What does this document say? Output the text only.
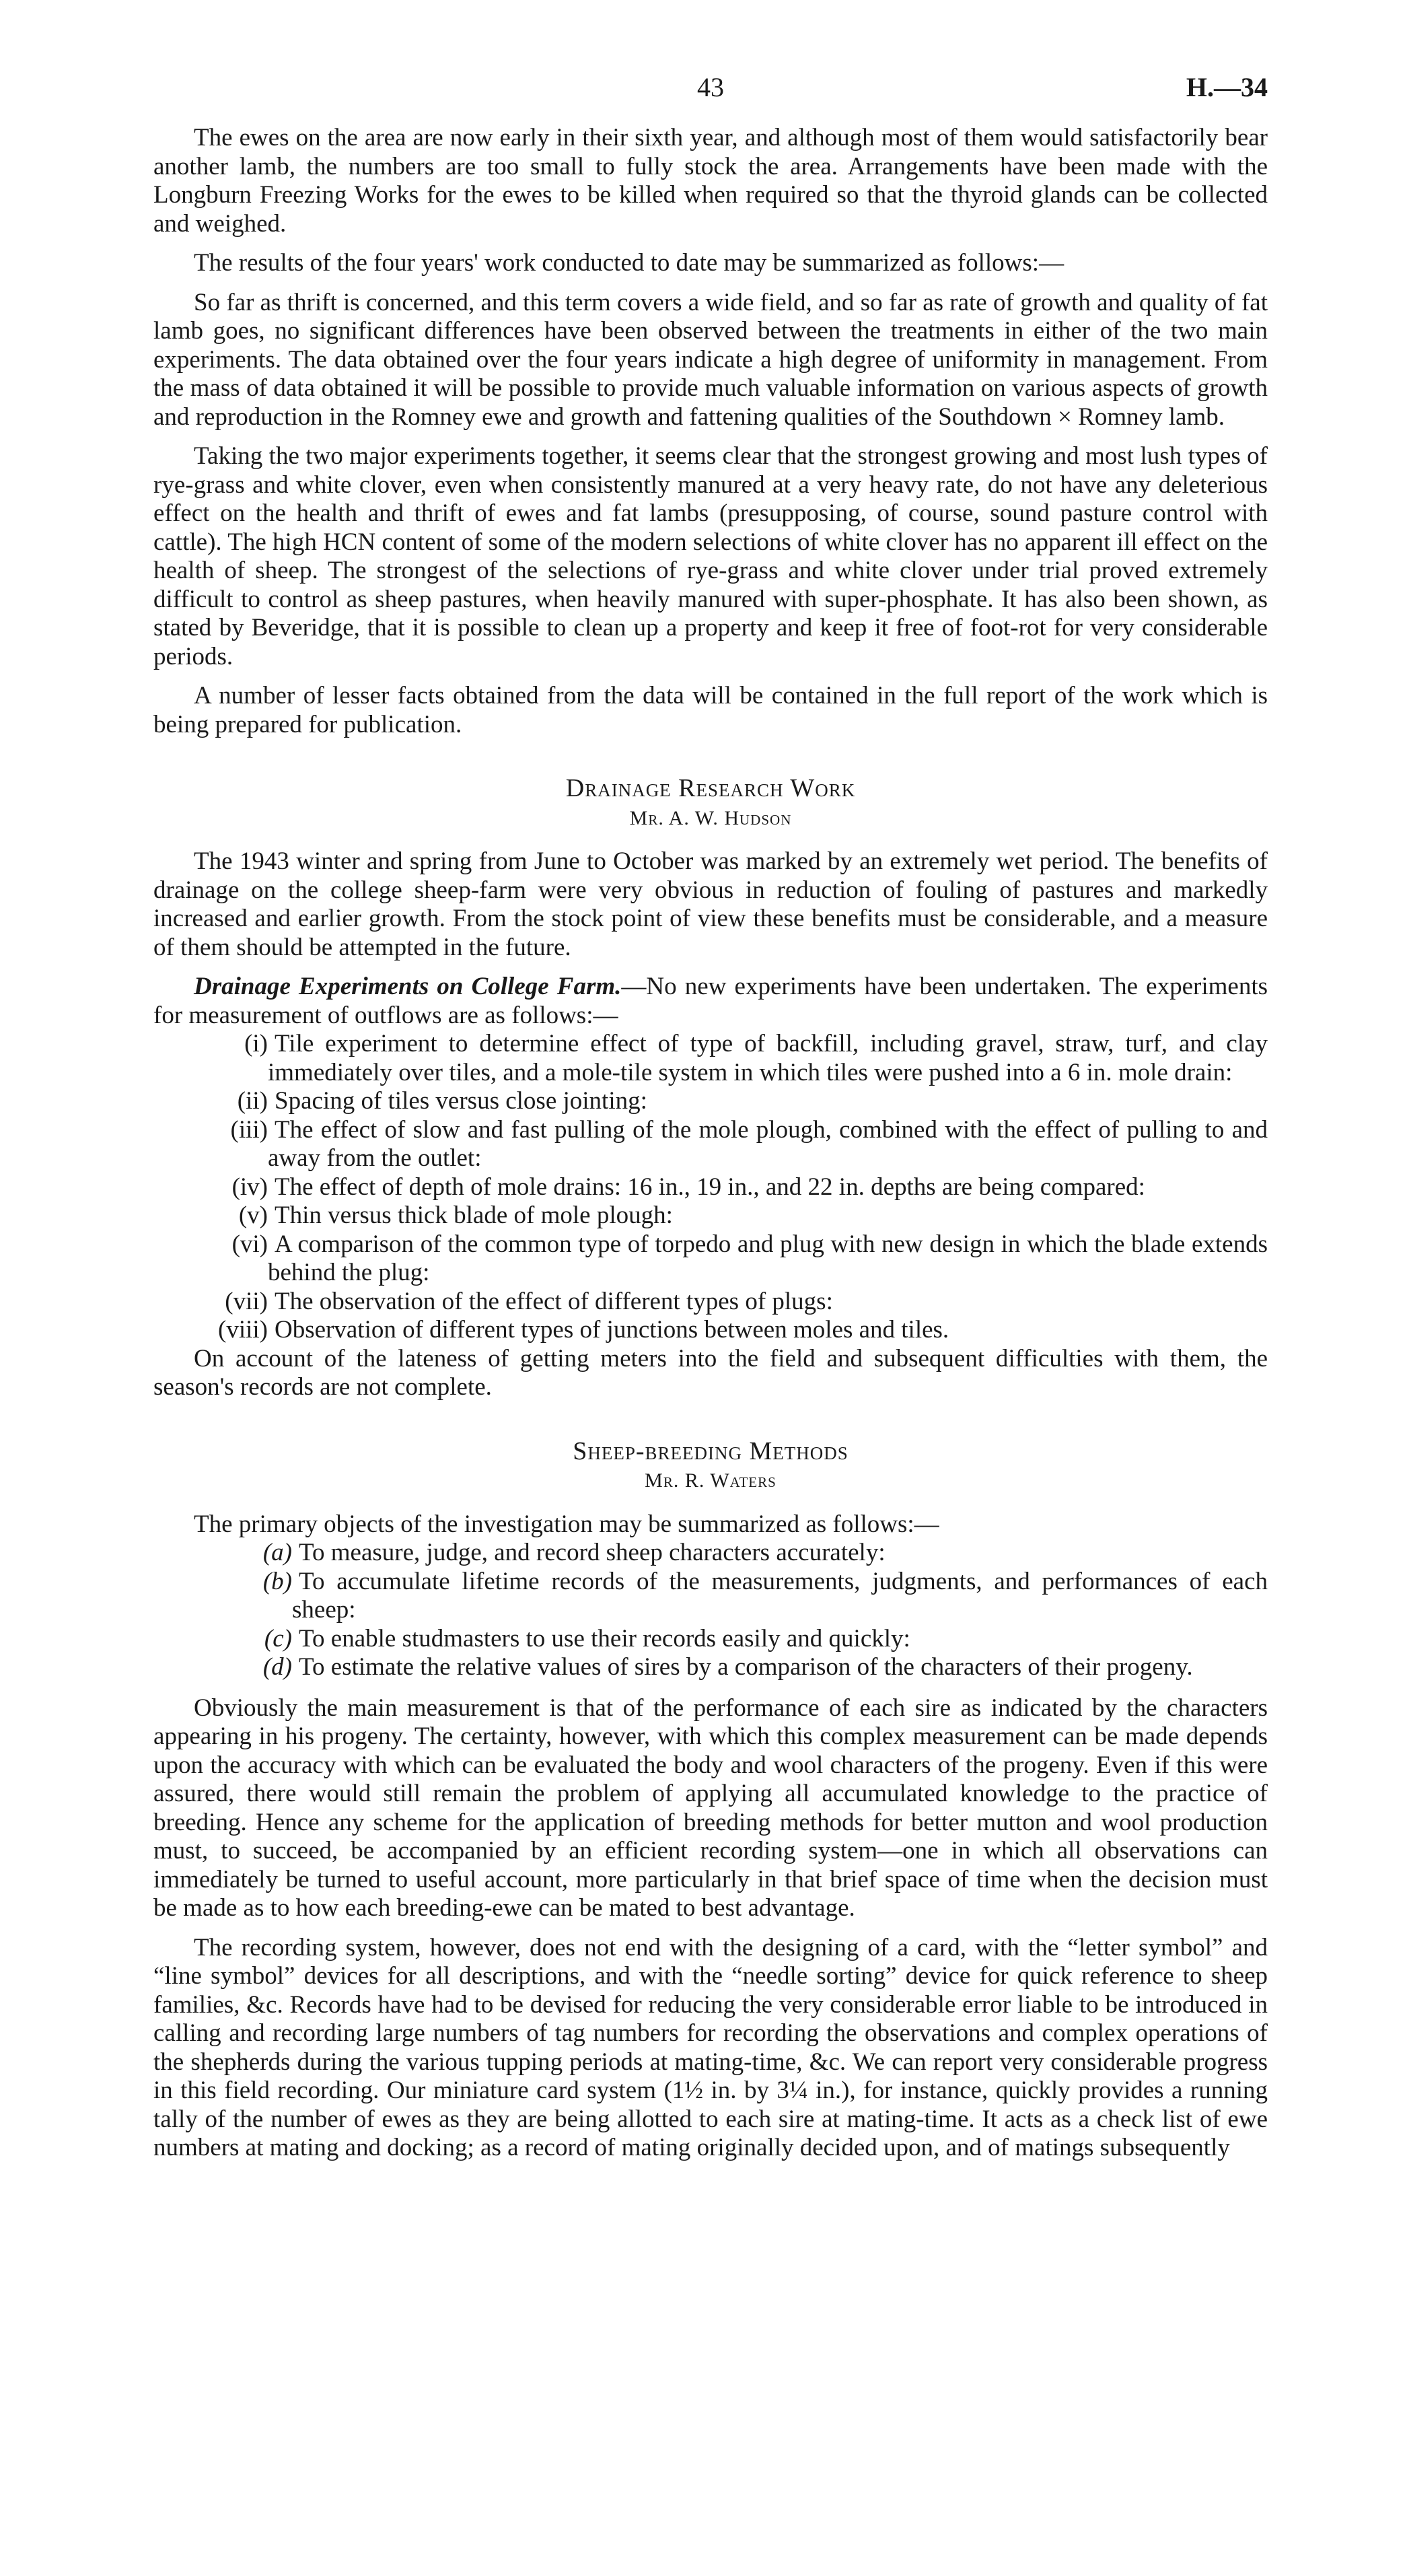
43	H.—34

The ewes on the area are now early in their sixth year, and although most of them would satisfactorily bear another lamb, the numbers are too small to fully stock the area. Arrangements have been made with the Longburn Freezing Works for the ewes to be killed when required so that the thyroid glands can be collected and weighed.

The results of the four years' work conducted to date may be summarized as follows:—

So far as thrift is concerned, and this term covers a wide field, and so far as rate of growth and quality of fat lamb goes, no significant differences have been observed between the treatments in either of the two main experiments. The data obtained over the four years indicate a high degree of uniformity in management. From the mass of data obtained it will be possible to provide much valuable information on various aspects of growth and reproduction in the Romney ewe and growth and fattening qualities of the Southdown × Romney lamb.

Taking the two major experiments together, it seems clear that the strongest growing and most lush types of rye-grass and white clover, even when consistently manured at a very heavy rate, do not have any deleterious effect on the health and thrift of ewes and fat lambs (presupposing, of course, sound pasture control with cattle). The high HCN content of some of the modern selections of white clover has no apparent ill effect on the health of sheep. The strongest of the selections of rye-grass and white clover under trial proved extremely difficult to control as sheep pastures, when heavily manured with super-phosphate. It has also been shown, as stated by Beveridge, that it is possible to clean up a property and keep it free of foot-rot for very considerable periods.

A number of lesser facts obtained from the data will be contained in the full report of the work which is being prepared for publication.

Drainage Research Work
Mr. A. W. Hudson

The 1943 winter and spring from June to October was marked by an extremely wet period. The benefits of drainage on the college sheep-farm were very obvious in reduction of fouling of pastures and markedly increased and earlier growth. From the stock point of view these benefits must be considerable, and a measure of them should be attempted in the future.

Drainage Experiments on College Farm.—No new experiments have been undertaken. The experiments for measurement of outflows are as follows:—
(i) Tile experiment to determine effect of type of backfill, including gravel, straw, turf, and clay immediately over tiles, and a mole-tile system in which tiles were pushed into a 6 in. mole drain:
(ii) Spacing of tiles versus close jointing:
(iii) The effect of slow and fast pulling of the mole plough, combined with the effect of pulling to and away from the outlet:
(iv) The effect of depth of mole drains: 16 in., 19 in., and 22 in. depths are being compared:
(v) Thin versus thick blade of mole plough:
(vi) A comparison of the common type of torpedo and plug with new design in which the blade extends behind the plug:
(vii) The observation of the effect of different types of plugs:
(viii) Observation of different types of junctions between moles and tiles.

On account of the lateness of getting meters into the field and subsequent difficulties with them, the season's records are not complete.

Sheep-breeding Methods
Mr. R. Waters
The primary objects of the investigation may be summarized as follows:—
(a) To measure, judge, and record sheep characters accurately:
(b) To accumulate lifetime records of the measurements, judgments, and performances of each sheep:
(c) To enable studmasters to use their records easily and quickly:
(d) To estimate the relative values of sires by a comparison of the characters of their progeny.

Obviously the main measurement is that of the performance of each sire as indicated by the characters appearing in his progeny. The certainty, however, with which this complex measurement can be made depends upon the accuracy with which can be evaluated the body and wool characters of the progeny. Even if this were assured, there would still remain the problem of applying all accumulated knowledge to the practice of breeding. Hence any scheme for the application of breeding methods for better mutton and wool production must, to succeed, be accompanied by an efficient recording system—one in which all observations can immediately be turned to useful account, more particularly in that brief space of time when the decision must be made as to how each breeding-ewe can be mated to best advantage.

The recording system, however, does not end with the designing of a card, with the “letter symbol” and “line symbol” devices for all descriptions, and with the “needle sorting” device for quick reference to sheep families, &c. Records have had to be devised for reducing the very considerable error liable to be introduced in calling and recording large numbers of tag numbers for recording the observations and complex operations of the shepherds during the various tupping periods at mating-time, &c. We can report very considerable progress in this field recording. Our miniature card system (1½ in. by 3¼ in.), for instance, quickly provides a running tally of the number of ewes as they are being allotted to each sire at mating-time. It acts as a check list of ewe numbers at mating and docking; as a record of mating originally decided upon, and of matings subsequently
